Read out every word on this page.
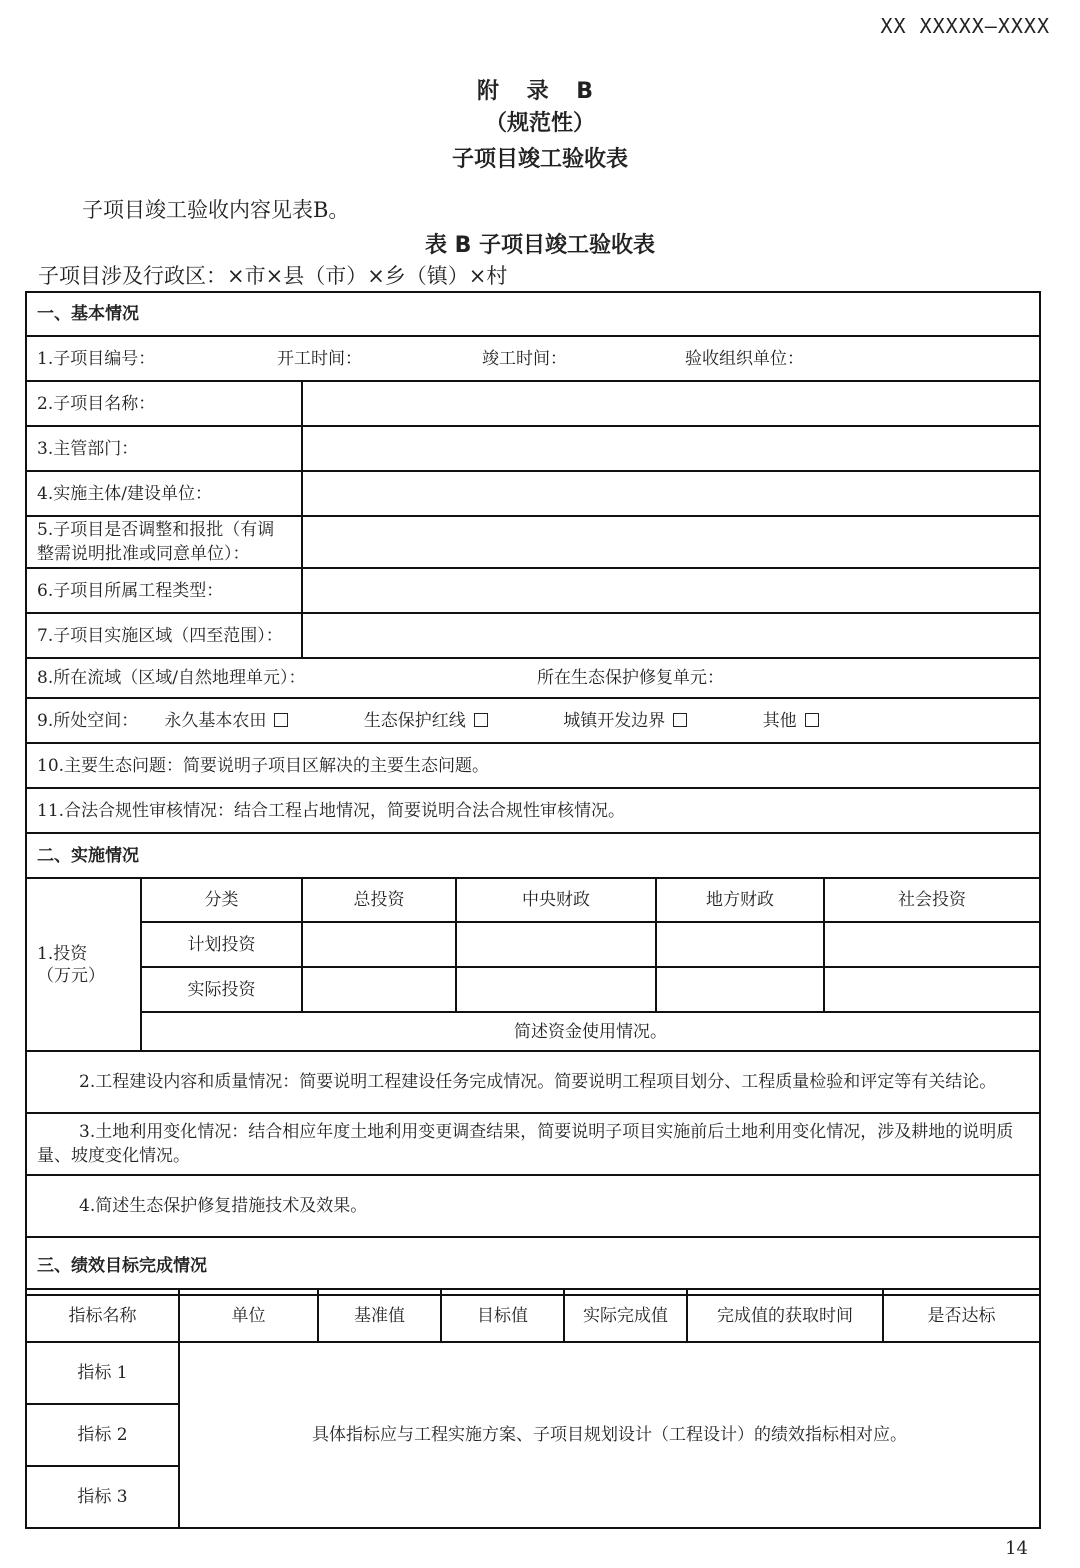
XX XXXXX—XXXX
附 录 B
（规范性）
子项目竣工验收表
子项目竣工验收内容见表B。
表 B 子项目竣工验收表
子项目涉及行政区：×市×县（市）×乡（镇）×村
一、基本情况					
1.子项目编号： 开工时间： 竣工时间： 验收组织单位：					
2.子项目名称：					
3.主管部门：					
4.实施主体/建设单位：					
5.子项目是否调整和报批（有调整需说明批准或同意单位）：					
6.子项目所属工程类型：					
7.子项目实施区域（四至范围）：					
8.所在流域（区域/自然地理单元）： 所在生态保护修复单元：					
9.所处空间： 永久基本农田 生态保护红线 城镇开发边界 其他					
10.主要生态问题：简要说明子项目区解决的主要生态问题。					
11.合法合规性审核情况：结合工程占地情况，简要说明合法合规性审核情况。					
二、实施情况					

1.投资
（万元）	分类	总投资	中央财政	地方财政	社会投资
	计划投资				
	实际投资				
	简述资金使用情况。				
2.工程建设内容和质量情况：简要说明工程建设任务完成情况。简要说明工程项目划分、工程质量检验和评定等有关结论。					
3.土地利用变化情况：结合相应年度土地利用变更调查结果，简要说明子项目实施前后土地利用变化情况，涉及耕地的说明质量、坡度变化情况。					
4.简述生态保护修复措施技术及效果。					
三、绩效目标完成情况					
指标名称	单位	基准值	目标值	实际完成值	完成值的获取时间	是否达标
指标 1	具体指标应与工程实施方案、子项目规划设计（工程设计）的绩效指标相对应。					
指标 2						
指标 3						
14
